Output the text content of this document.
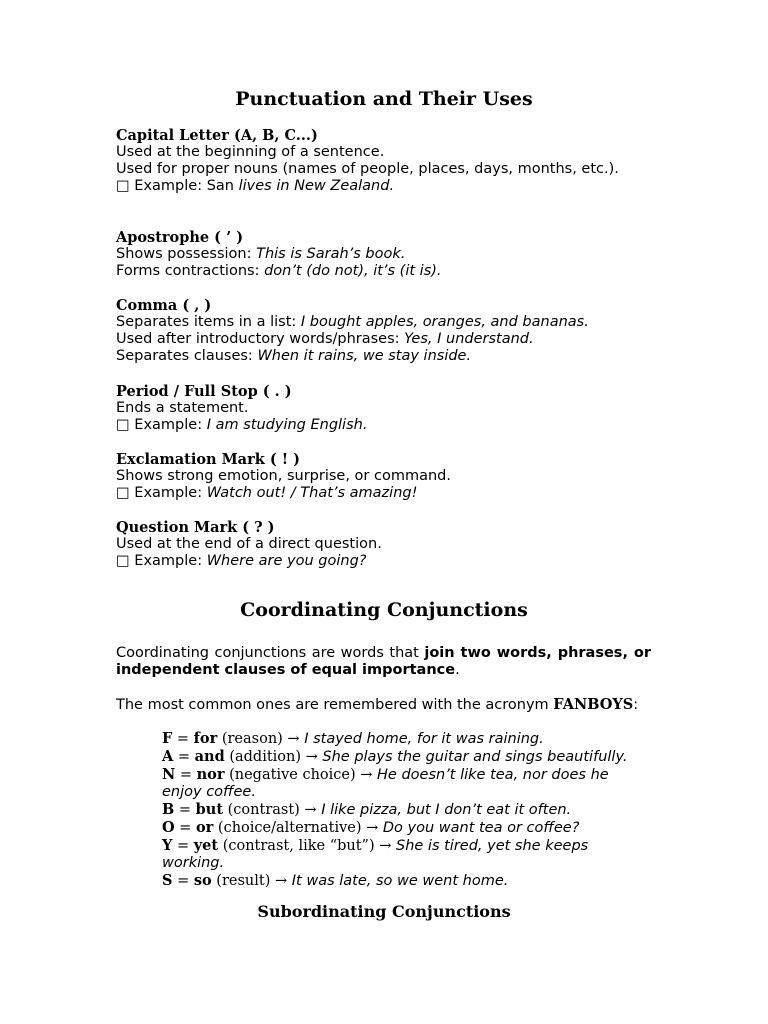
Punctuation and Their Uses
Capital Letter (A, B, C...)
Used at the beginning of a sentence.
Used for proper nouns (names of people, places, days, months, etc.).
□ Example: San lives in New Zealand.
Apostrophe ( ’ )
Shows possession: This is Sarah’s book.
Forms contractions: don’t (do not), it’s (it is).
Comma ( , )
Separates items in a list: I bought apples, oranges, and bananas.
Used after introductory words/phrases: Yes, I understand.
Separates clauses: When it rains, we stay inside.
Period / Full Stop ( . )
Ends a statement.
□ Example: I am studying English.
Exclamation Mark ( ! )
Shows strong emotion, surprise, or command.
□ Example: Watch out! / That’s amazing!
Question Mark ( ? )
Used at the end of a direct question.
□ Example: Where are you going?
Coordinating Conjunctions
Coordinating conjunctions are words that join two words, phrases, or independent clauses of equal importance.
The most common ones are remembered with the acronym FANBOYS:
F = for (reason) → I stayed home, for it was raining.
A = and (addition) → She plays the guitar and sings beautifully.
N = nor (negative choice) → He doesn’t like tea, nor does he enjoy coffee.
B = but (contrast) → I like pizza, but I don’t eat it often.
O = or (choice/alternative) → Do you want tea or coffee?
Y = yet (contrast, like “but”) → She is tired, yet she keeps working.
S = so (result) → It was late, so we went home.
Subordinating Conjunctions
